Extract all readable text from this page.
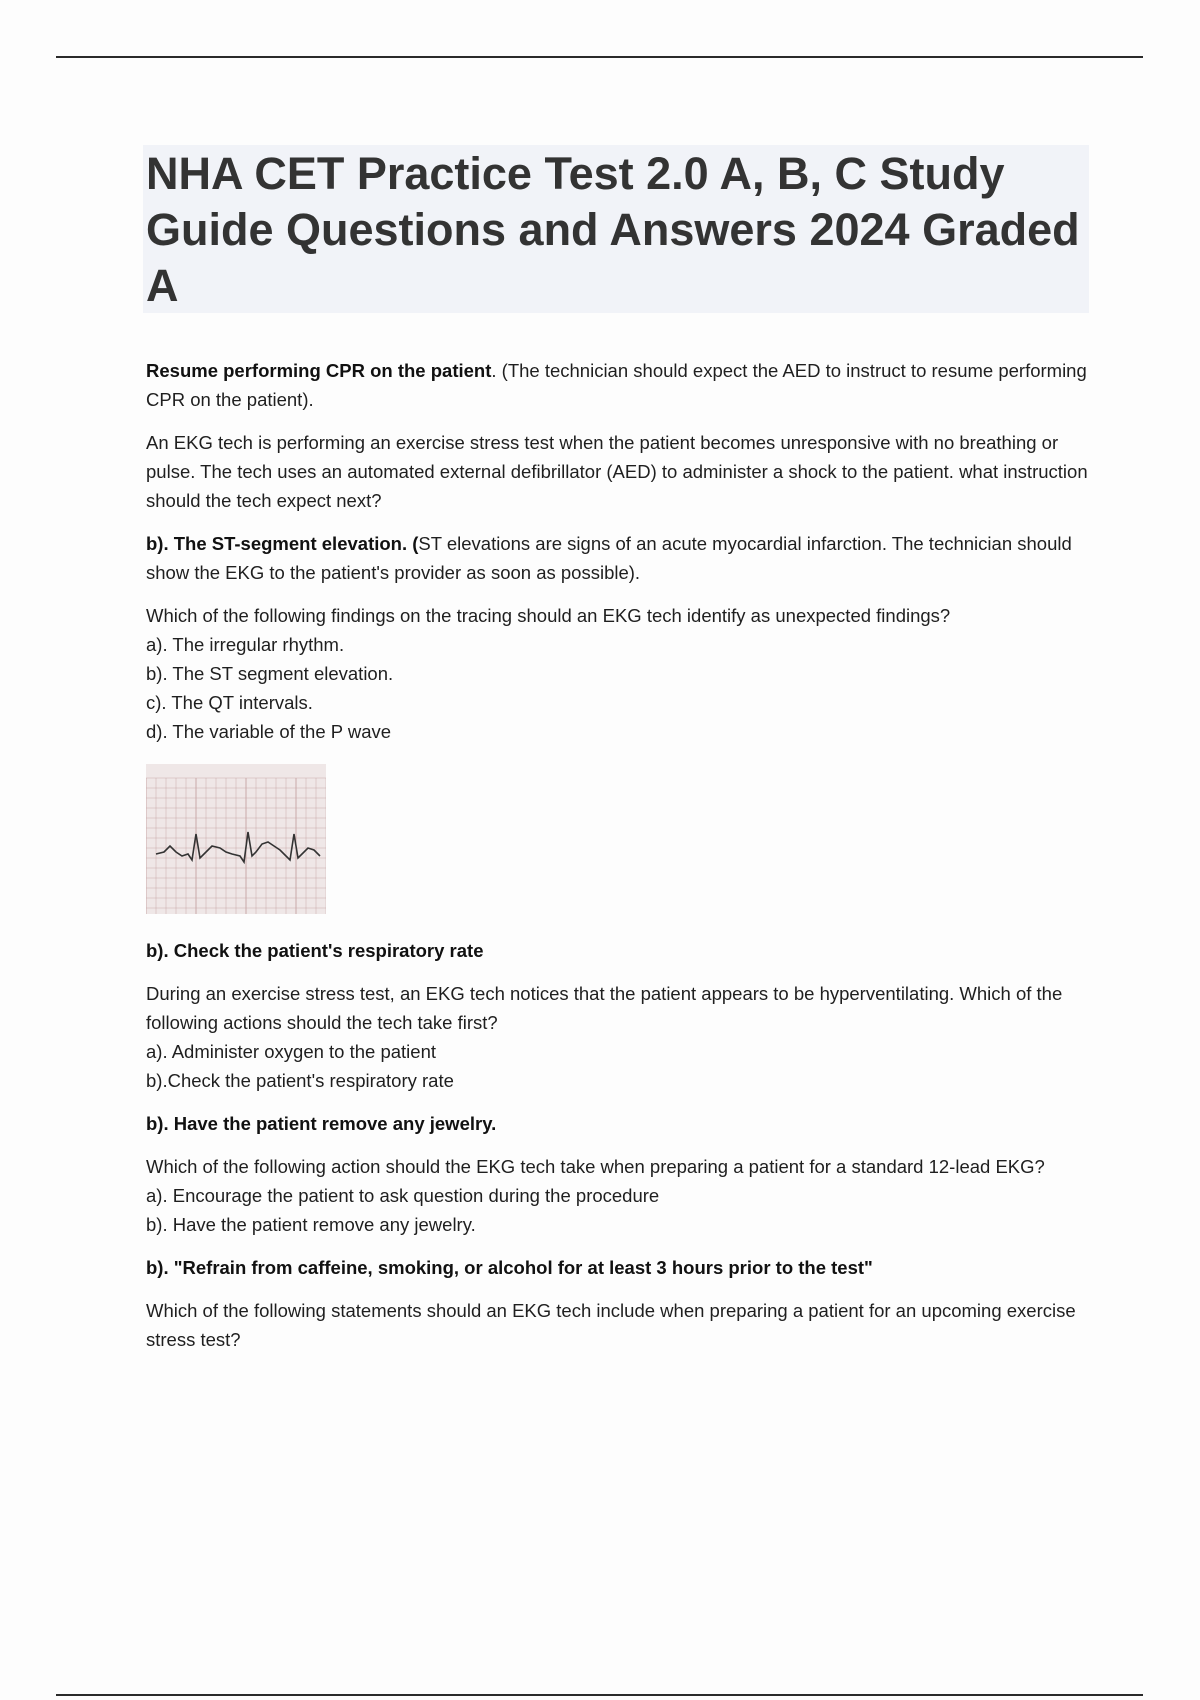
NHA CET Practice Test 2.0 A, B, C Study Guide Questions and Answers 2024 Graded A

Resume performing CPR on the patient. (The technician should expect the AED to instruct to resume performing CPR on the patient).

An EKG tech is performing an exercise stress test when the patient becomes unresponsive with no breathing or pulse. The tech uses an automated external defibrillator (AED) to administer a shock to the patient. what instruction should the tech expect next?

b). The ST-segment elevation. (ST elevations are signs of an acute myocardial infarction. The technician should show the EKG to the patient's provider as soon as possible).

Which of the following findings on the tracing should an EKG tech identify as unexpected findings?
a). The irregular rhythm.
b). The ST segment elevation.
c). The QT intervals.
d). The variable of the P wave

b). Check the patient's respiratory rate

During an exercise stress test, an EKG tech notices that the patient appears to be hyperventilating. Which of the following actions should the tech take first?
a). Administer oxygen to the patient
b).Check the patient's respiratory rate

b). Have the patient remove any jewelry.

Which of the following action should the EKG tech take when preparing a patient for a standard 12-lead EKG?
a). Encourage the patient to ask question during the procedure
b). Have the patient remove any jewelry.

b). "Refrain from caffeine, smoking, or alcohol for at least 3 hours prior to the test"

Which of the following statements should an EKG tech include when preparing a patient for an upcoming exercise stress test?
